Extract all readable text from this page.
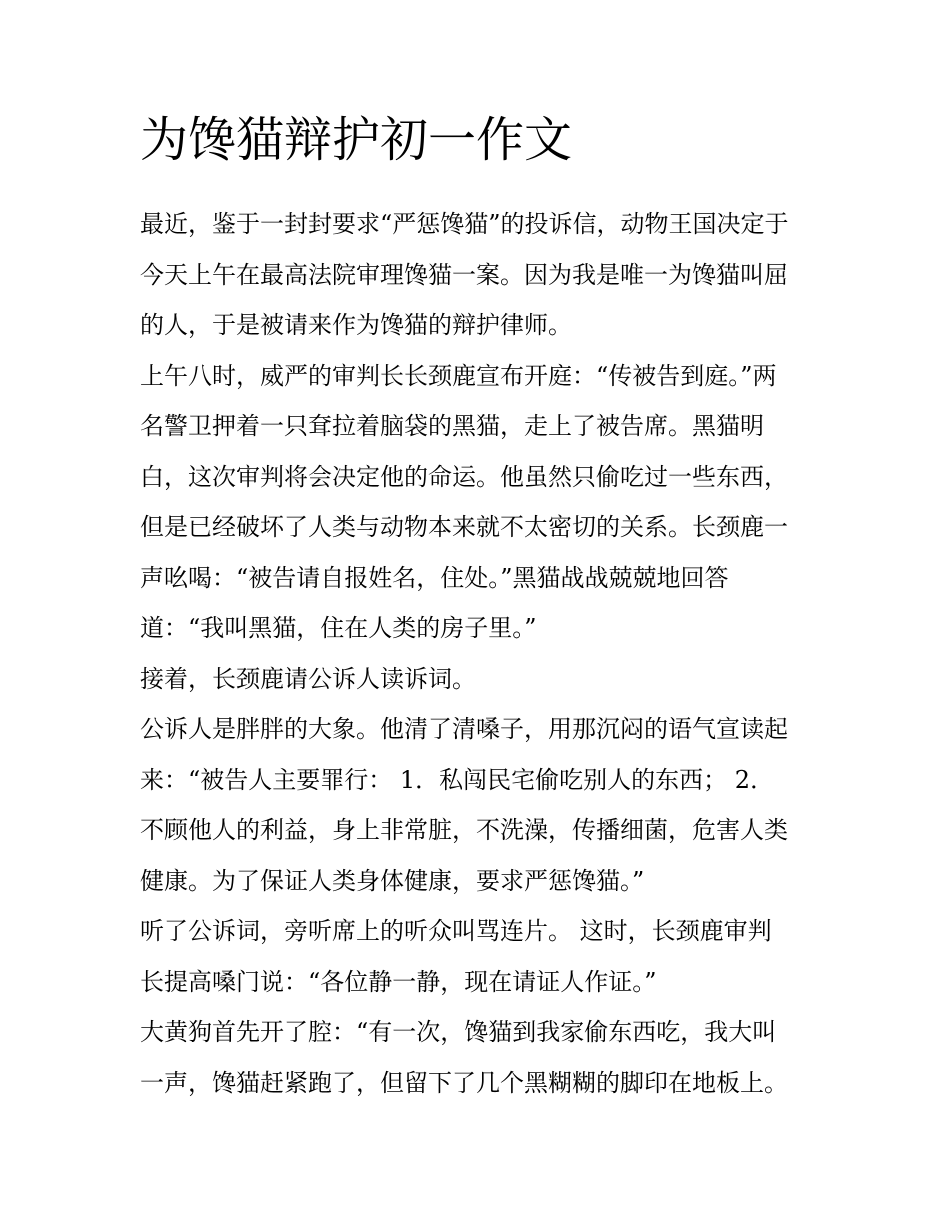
为馋猫辩护初一作文
最近，鉴于一封封要求“严惩馋猫”的投诉信，动物王国决定于
今天上午在最高法院审理馋猫一案。因为我是唯一为馋猫叫屈
的人，于是被请来作为馋猫的辩护律师。
上午八时，威严的审判长长颈鹿宣布开庭：“传被告到庭。”两
名警卫押着一只耷拉着脑袋的黑猫，走上了被告席。黑猫明
白，这次审判将会决定他的命运。他虽然只偷吃过一些东西，
但是已经破坏了人类与动物本来就不太密切的关系。长颈鹿一
声吆喝：“被告请自报姓名，住处。”黑猫战战兢兢地回答
道：“我叫黑猫，住在人类的房子里。”
接着，长颈鹿请公诉人读诉词。
公诉人是胖胖的大象。他清了清嗓子，用那沉闷的语气宣读起
来：“被告人主要罪行： 1．私闯民宅偷吃别人的东西； 2．
不顾他人的利益，身上非常脏，不洗澡，传播细菌，危害人类
健康。为了保证人类身体健康，要求严惩馋猫。”
听了公诉词，旁听席上的听众叫骂连片。 这时，长颈鹿审判
长提高嗓门说：“各位静一静，现在请证人作证。”
大黄狗首先开了腔：“有一次，馋猫到我家偷东西吃，我大叫
一声，馋猫赶紧跑了，但留下了几个黑糊糊的脚印在地板上。
